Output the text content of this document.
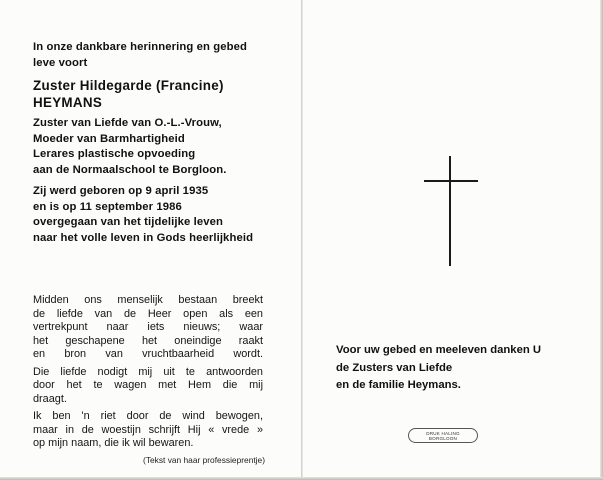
In onze dankbare herinnering en gebed
leve voort
Zuster Hildegarde (Francine)
HEYMANS
Zuster van Liefde van O.-L.-Vrouw,
Moeder van Barmhartigheid
Lerares plastische opvoeding
aan de Normaalschool te Borgloon.
Zij werd geboren op 9 april 1935
en is op 11 september 1986
overgegaan van het tijdelijke leven
naar het volle leven in Gods heerlijkheid
Midden ons menselijk bestaan breekt
de liefde van de Heer open als een
vertrekpunt naar iets nieuws; waar
het geschapene het oneindige raakt
en bron van vruchtbaarheid wordt.
Die liefde nodigt mij uit te antwoorden
door het te wagen met Hem die mij
draagt.
Ik ben 'n riet door de wind bewogen,
maar in de woestijn schrijft Hij « vrede »
op mijn naam, die ik wil bewaren.
(Tekst van haar professieprentje)
Voor uw gebed en meeleven danken U
de Zusters van Liefde
en de familie Heymans.
DRUK HALING
BORGLOON
